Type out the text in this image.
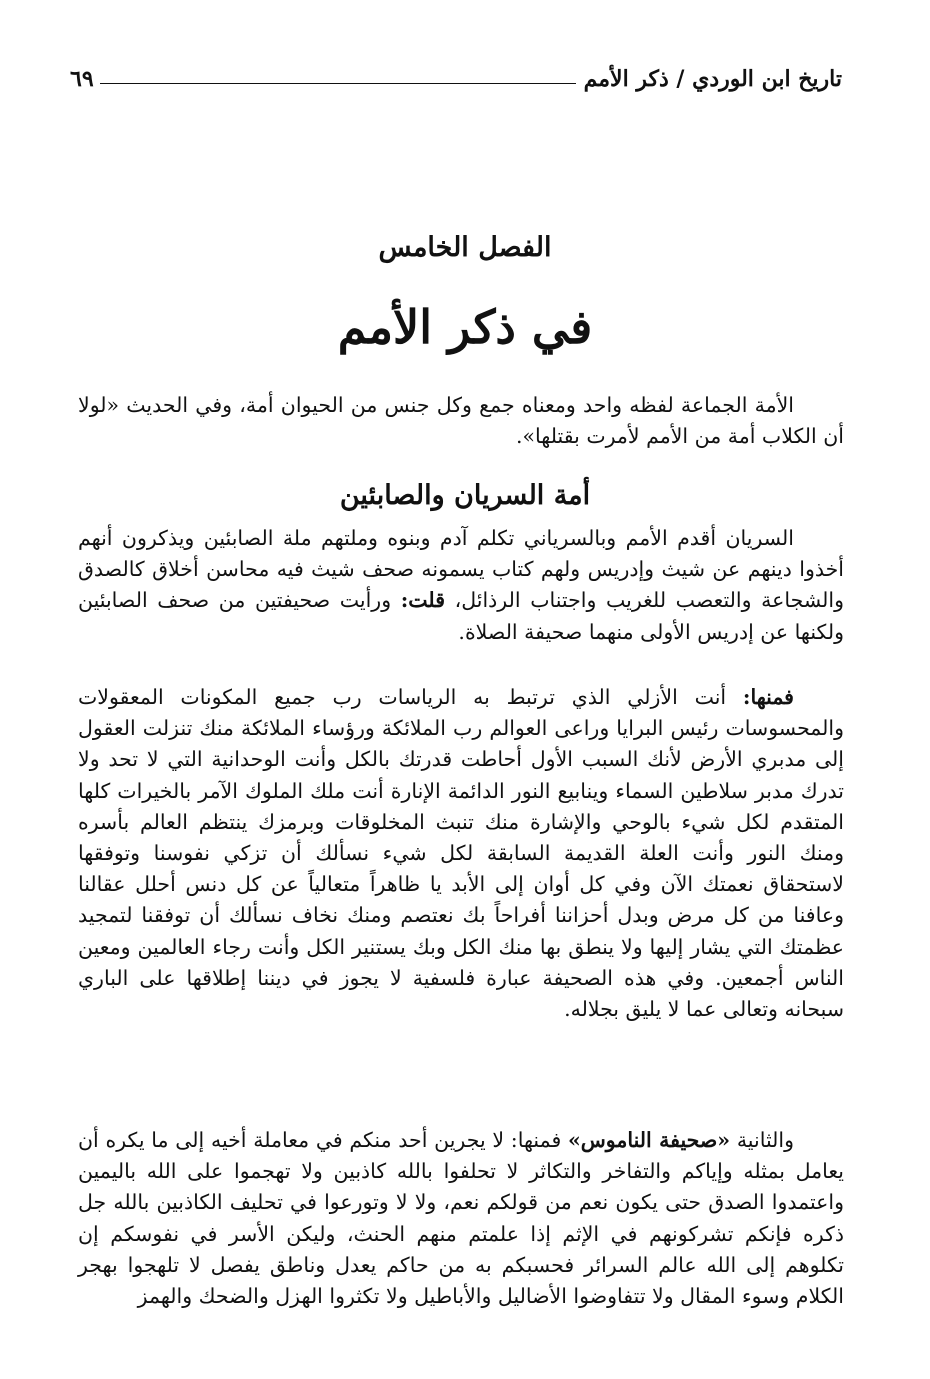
تاريخ ابن الوردي / ذكر الأمم
٦٩
الفصل الخامس
في ذكر الأمم

الأمة الجماعة لفظه واحد ومعناه جمع وكل جنس من الحيوان أمة، وفي الحديث «لولا أن الكلاب أمة من الأمم لأمرت بقتلها».

أمة السريان والصابئين

السريان أقدم الأمم وبالسرياني تكلم آدم وبنوه وملتهم ملة الصابئين ويذكرون أنهم أخذوا دينهم عن شيث وإدريس ولهم كتاب يسمونه صحف شيث فيه محاسن أخلاق كالصدق والشجاعة والتعصب للغريب واجتناب الرذائل، قلت: ورأيت صحيفتين من صحف الصابئين ولكنها عن إدريس الأولى منهما صحيفة الصلاة.

فمنها: أنت الأزلي الذي ترتبط به الرياسات رب جميع المكونات المعقولات والمحسوسات رئيس البرايا وراعى العوالم رب الملائكة ورؤساء الملائكة منك تنزلت العقول إلى مدبري الأرض لأنك السبب الأول أحاطت قدرتك بالكل وأنت الوحدانية التي لا تحد ولا تدرك مدبر سلاطين السماء وينابيع النور الدائمة الإنارة أنت ملك الملوك الآمر بالخيرات كلها المتقدم لكل شيء بالوحي والإشارة منك تنبث المخلوقات وبرمزك ينتظم العالم بأسره ومنك النور وأنت العلة القديمة السابقة لكل شيء نسألك أن تزكي نفوسنا وتوفقها لاستحقاق نعمتك الآن وفي كل أوان إلى الأبد يا ظاهراً متعالياً عن كل دنس أحلل عقالنا وعافنا من كل مرض وبدل أحزاننا أفراحاً بك نعتصم ومنك نخاف نسألك أن توفقنا لتمجيد عظمتك التي يشار إليها ولا ينطق بها منك الكل وبك يستنير الكل وأنت رجاء العالمين ومعين الناس أجمعين. وفي هذه الصحيفة عبارة فلسفية لا يجوز في ديننا إطلاقها على الباري سبحانه وتعالى عما لا يليق بجلاله.

والثانية «صحيفة الناموس» فمنها: لا يجرين أحد منكم في معاملة أخيه إلى ما يكره أن يعامل بمثله وإياكم والتفاخر والتكاثر لا تحلفوا بالله كاذبين ولا تهجموا على الله باليمين واعتمدوا الصدق حتى يكون نعم من قولكم نعم، ولا لا وتورعوا في تحليف الكاذبين بالله جل ذكره فإنكم تشركونهم في الإثم إذا علمتم منهم الحنث، وليكن الأسر في نفوسكم إن تكلوهم إلى الله عالم السرائر فحسبكم به من حاكم يعدل وناطق يفصل لا تلهجوا بهجر الكلام وسوء المقال ولا تتفاوضوا الأضاليل والأباطيل ولا تكثروا الهزل والضحك والهمز
